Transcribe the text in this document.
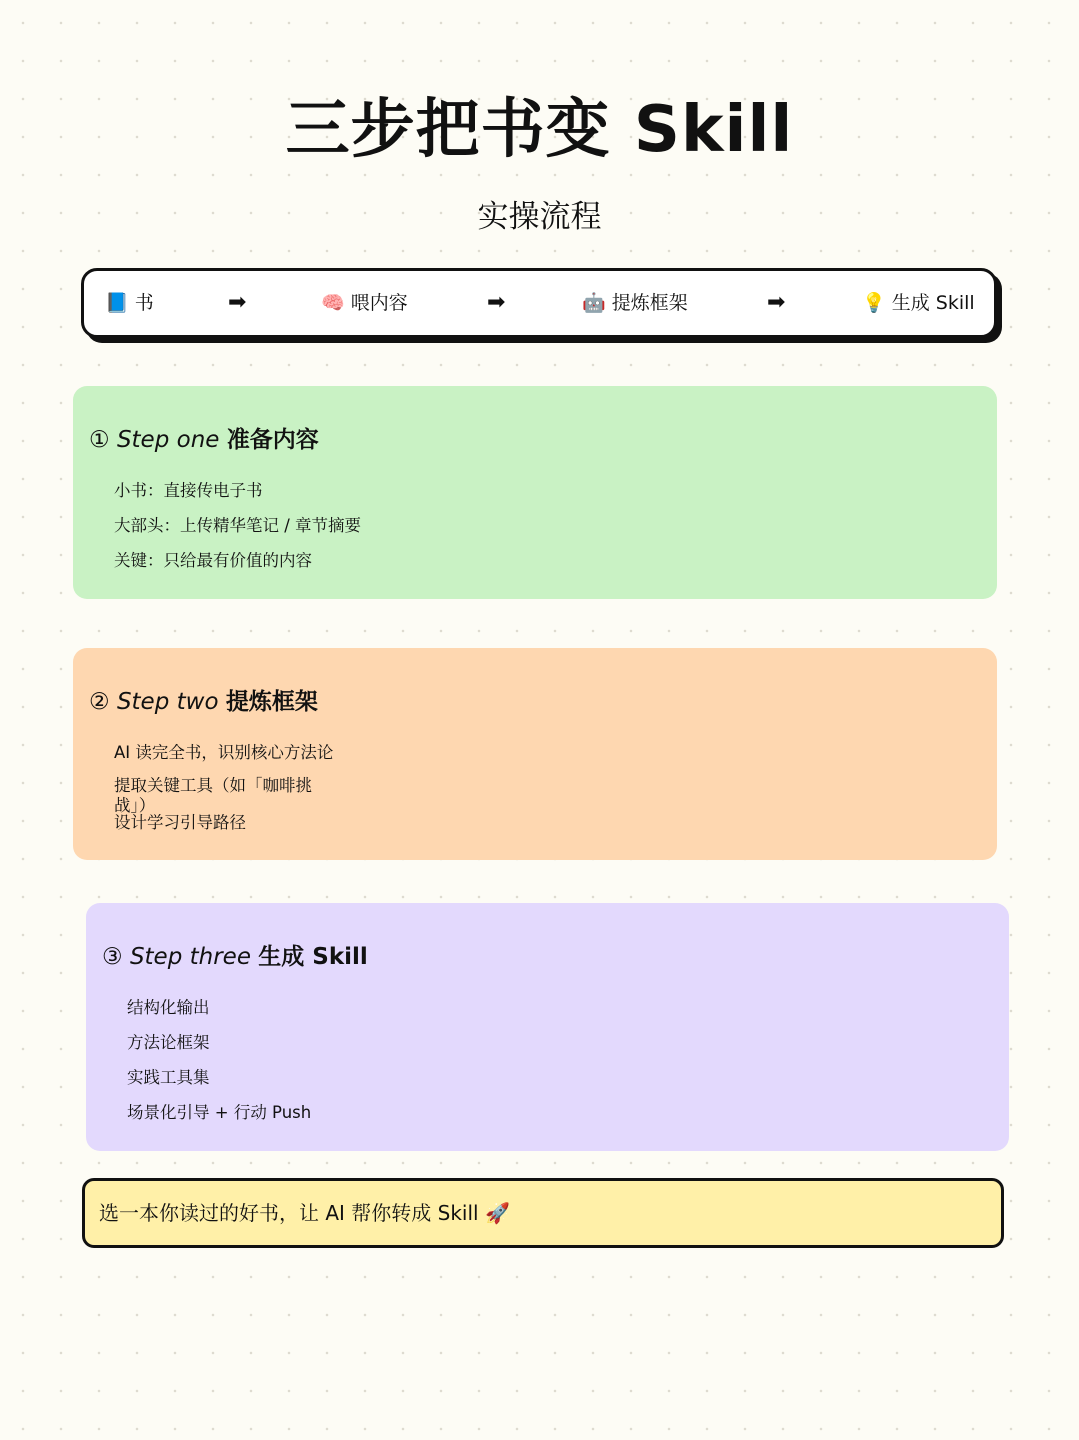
三步把书变 Skill
实操流程
📘 书	➡	🧠 喂内容	➡	🤖 提炼框架	➡	💡 生成 Skill
① Step one 准备内容
小书：直接传电子书
大部头：上传精华笔记 / 章节摘要
关键：只给最有价值的内容
② Step two 提炼框架
AI 读完全书，识别核心方法论
提取关键工具（如「咖啡挑战」）
设计学习引导路径
③ Step three 生成 Skill
结构化输出
方法论框架
实践工具集
场景化引导 + 行动 Push
选一本你读过的好书，让 AI 帮你转成 Skill 🚀
